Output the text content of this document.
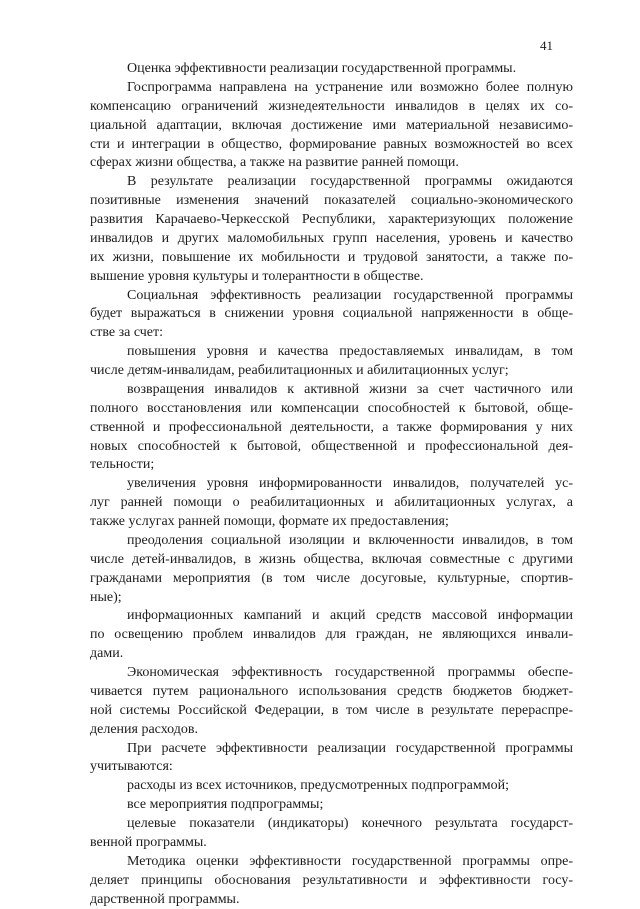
41
Оценка эффективности реализации государственной программы.
Госпрограмма направлена на устранение или возможно более полную
компенсацию ограничений жизнедеятельности инвалидов в целях их со-
циальной адаптации, включая достижение ими материальной независимо-
сти и интеграции в общество, формирование равных возможностей во всех
сферах жизни общества, а также на развитие ранней помощи.
В результате реализации государственной программы ожидаются
позитивные изменения значений показателей социально-экономического
развития Карачаево-Черкесской Республики, характеризующих положение
инвалидов и других маломобильных групп населения, уровень и качество
их жизни, повышение их мобильности и трудовой занятости, а также по-
вышение уровня культуры и толерантности в обществе.
Социальная эффективность реализации государственной программы
будет выражаться в снижении уровня социальной напряженности в обще-
стве за счет:
повышения уровня и качества предоставляемых инвалидам, в том
числе детям-инвалидам, реабилитационных и абилитационных услуг;
возвращения инвалидов к активной жизни за счет частичного или
полного восстановления или компенсации способностей к бытовой, обще-
ственной и профессиональной деятельности, а также формирования у них
новых способностей к бытовой, общественной и профессиональной дея-
тельности;
увеличения уровня информированности инвалидов, получателей ус-
луг ранней помощи о реабилитационных и абилитационных услугах, а
также услугах ранней помощи, формате их предоставления;
преодоления социальной изоляции и включенности инвалидов, в том
числе детей-инвалидов, в жизнь общества, включая совместные с другими
гражданами мероприятия (в том числе досуговые, культурные, спортив-
ные);
информационных кампаний и акций средств массовой информации
по освещению проблем инвалидов для граждан, не являющихся инвали-
дами.
Экономическая эффективность государственной программы обеспе-
чивается путем рационального использования средств бюджетов бюджет-
ной системы Российской Федерации, в том числе в результате перераспре-
деления расходов.
При расчете эффективности реализации государственной программы
учитываются:
расходы из всех источников, предусмотренных подпрограммой;
все мероприятия подпрограммы;
целевые показатели (индикаторы) конечного результата государст-
венной программы.
Методика оценки эффективности государственной программы опре-
деляет принципы обоснования результативности и эффективности госу-
дарственной программы.
